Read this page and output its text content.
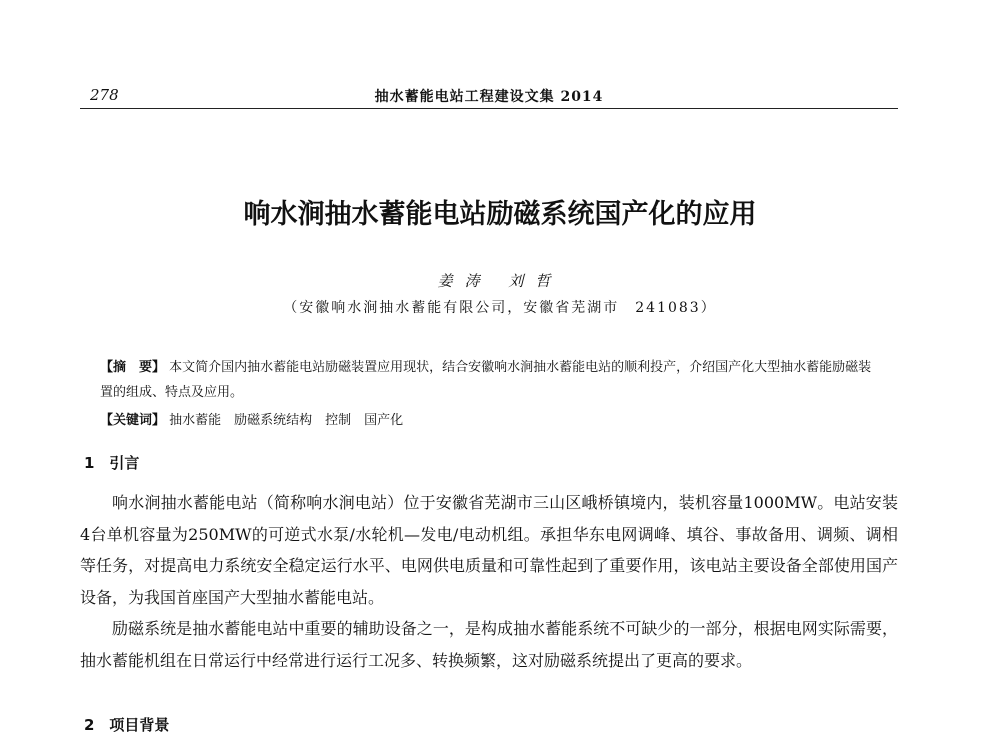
278	抽水蓄能电站工程建设文集 2014
响水涧抽水蓄能电站励磁系统国产化的应用
姜涛 刘哲
（安徽响水涧抽水蓄能有限公司，安徽省芜湖市　241083）
【摘　要】 本文简介国内抽水蓄能电站励磁装置应用现状，结合安徽响水涧抽水蓄能电站的顺利投产，介绍国产化大型抽水蓄能励磁装置的组成、特点及应用。
【关键词】 抽水蓄能　励磁系统结构　控制　国产化
1　引言

响水涧抽水蓄能电站（简称响水涧电站）位于安徽省芜湖市三山区峨桥镇境内，装机容量1000MW。电站安装4台单机容量为250MW的可逆式水泵/水轮机—发电/电动机组。承担华东电网调峰、填谷、事故备用、调频、调相等任务，对提高电力系统安全稳定运行水平、电网供电质量和可靠性起到了重要作用，该电站主要设备全部使用国产设备，为我国首座国产大型抽水蓄能电站。

励磁系统是抽水蓄能电站中重要的辅助设备之一，是构成抽水蓄能系统不可缺少的一部分，根据电网实际需要，抽水蓄能机组在日常运行中经常进行运行工况多、转换频繁，这对励磁系统提出了更高的要求。

2　项目背景
